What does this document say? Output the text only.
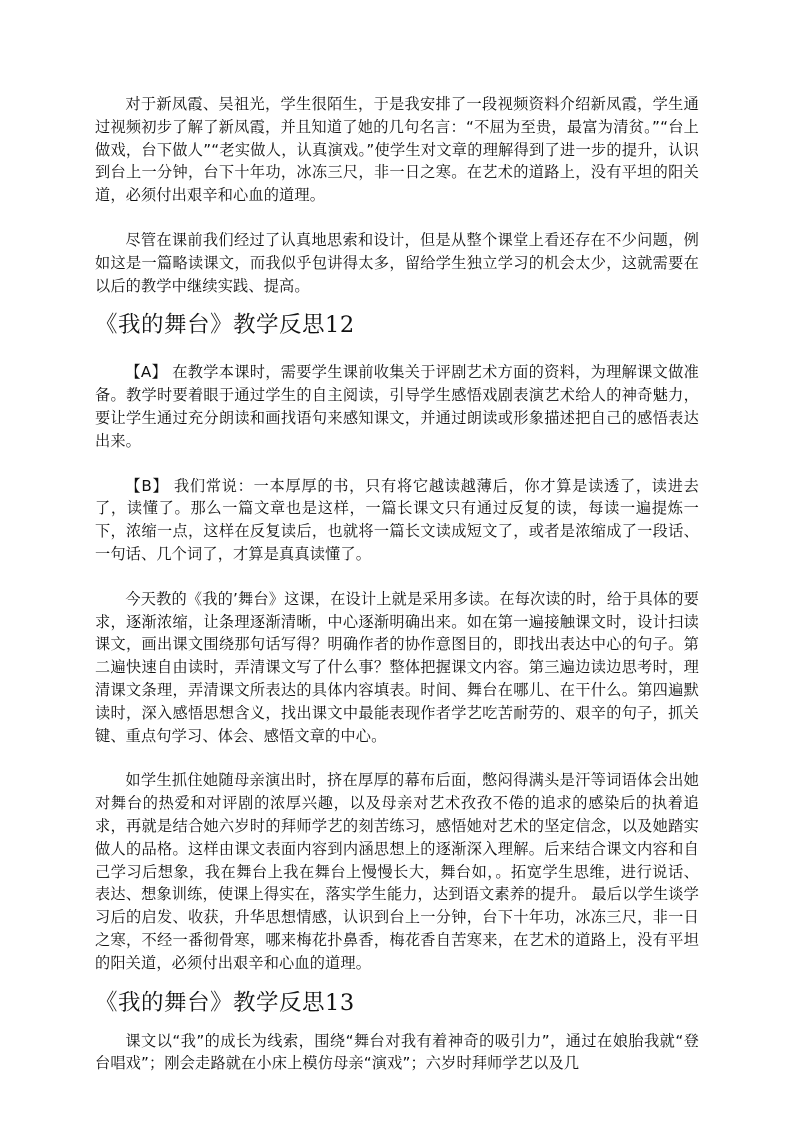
对于新凤霞、吴祖光，学生很陌生，于是我安排了一段视频资料介绍新凤霞，学生通过视频初步了解了新凤霞，并且知道了她的几句名言：“不屈为至贵，最富为清贫。”“台上做戏，台下做人”“老实做人，认真演戏。”使学生对文章的理解得到了进一步的提升，认识到台上一分钟，台下十年功，冰冻三尺，非一日之寒。在艺术的道路上，没有平坦的阳关道，必须付出艰辛和心血的道理。

尽管在课前我们经过了认真地思索和设计，但是从整个课堂上看还存在不少问题，例如这是一篇略读课文，而我似乎包讲得太多，留给学生独立学习的机会太少，这就需要在以后的教学中继续实践、提高。

《我的舞台》教学反思12

【A】 在教学本课时，需要学生课前收集关于评剧艺术方面的资料，为理解课文做准备。教学时要着眼于通过学生的自主阅读，引导学生感悟戏剧表演艺术给人的神奇魅力，要让学生通过充分朗读和画找语句来感知课文，并通过朗读或形象描述把自己的感悟表达出来。

【B】 我们常说：一本厚厚的书，只有将它越读越薄后，你才算是读透了，读进去了，读懂了。那么一篇文章也是这样，一篇长课文只有通过反复的读，每读一遍提炼一下，浓缩一点，这样在反复读后，也就将一篇长文读成短文了，或者是浓缩成了一段话、一句话、几个词了，才算是真真读懂了。

今天教的《我的’舞台》这课，在设计上就是采用多读。在每次读的时，给于具体的要求，逐渐浓缩，让条理逐渐清晰，中心逐渐明确出来。如在第一遍接触课文时，设计扫读课文，画出课文围绕那句话写得？明确作者的协作意图目的，即找出表达中心的句子。第二遍快速自由读时，弄清课文写了什么事？整体把握课文内容。第三遍边读边思考时，理清课文条理，弄清课文所表达的具体内容填表。时间、舞台在哪儿、在干什么。第四遍默读时，深入感悟思想含义，找出课文中最能表现作者学艺吃苦耐劳的、艰辛的句子，抓关键、重点句学习、体会、感悟文章的中心。

如学生抓住她随母亲演出时，挤在厚厚的幕布后面，憋闷得满头是汗等词语体会出她对舞台的热爱和对评剧的浓厚兴趣，以及母亲对艺术孜孜不倦的追求的感染后的执着追求，再就是结合她六岁时的拜师学艺的刻苦练习，感悟她对艺术的坚定信念，以及她踏实做人的品格。这样由课文表面内容到内涵思想上的逐渐深入理解。后来结合课文内容和自己学习后想象，我在舞台上我在舞台上慢慢长大，舞台如，。拓宽学生思维，进行说话、表达、想象训练，使课上得实在，落实学生能力，达到语文素养的提升。 最后以学生谈学习后的启发、收获，升华思想情感，认识到台上一分钟，台下十年功，冰冻三尺，非一日之寒，不经一番彻骨寒，哪来梅花扑鼻香，梅花香自苦寒来，在艺术的道路上，没有平坦的阳关道，必须付出艰辛和心血的道理。

《我的舞台》教学反思13

课文以“我”的成长为线索，围绕“舞台对我有着神奇的吸引力”，通过在娘胎我就“登台唱戏”；刚会走路就在小床上模仿母亲“演戏”；六岁时拜师学艺以及几
